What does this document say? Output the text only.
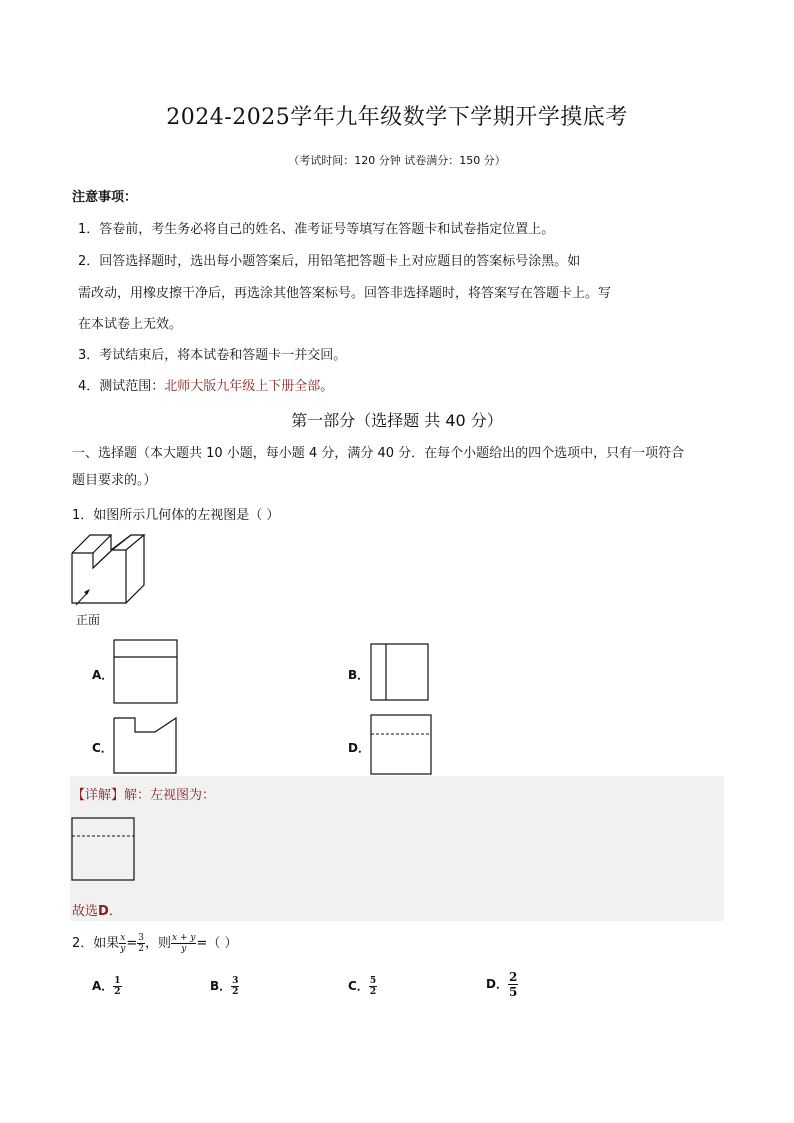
2024-2025学年九年级数学下学期开学摸底考
（考试时间：120 分钟 试卷满分：150 分）
注意事项：
1．答卷前，考生务必将自己的姓名、准考证号等填写在答题卡和试卷指定位置上。
2．回答选择题时，选出每小题答案后，用铅笔把答题卡上对应题目的答案标号涂黑。如
需改动，用橡皮擦干净后，再选涂其他答案标号。回答非选择题时，将答案写在答题卡上。写
在本试卷上无效。
3．考试结束后，将本试卷和答题卡一并交回。
4．测试范围：北师大版九年级上下册全部。
第一部分（选择题 共 40 分）
一、选择题（本大题共 10 小题，每小题 4 分，满分 40 分．在每个小题给出的四个选项中，只有一项符合
题目要求的。）
1．如图所示几何体的左视图是（ ）
正面
A．	B．
C．	D．
【详解】解：左视图为：
故选D．
2．如果 $\frac{x}{y} = \frac{3}{2}$ ，则 $\frac{x + y}{y}$ =（ ）
A． $\frac{1}{2}$	B． $\frac{3}{2}$	C． $\frac{5}{2}$	D． $\frac{2}{5}$
